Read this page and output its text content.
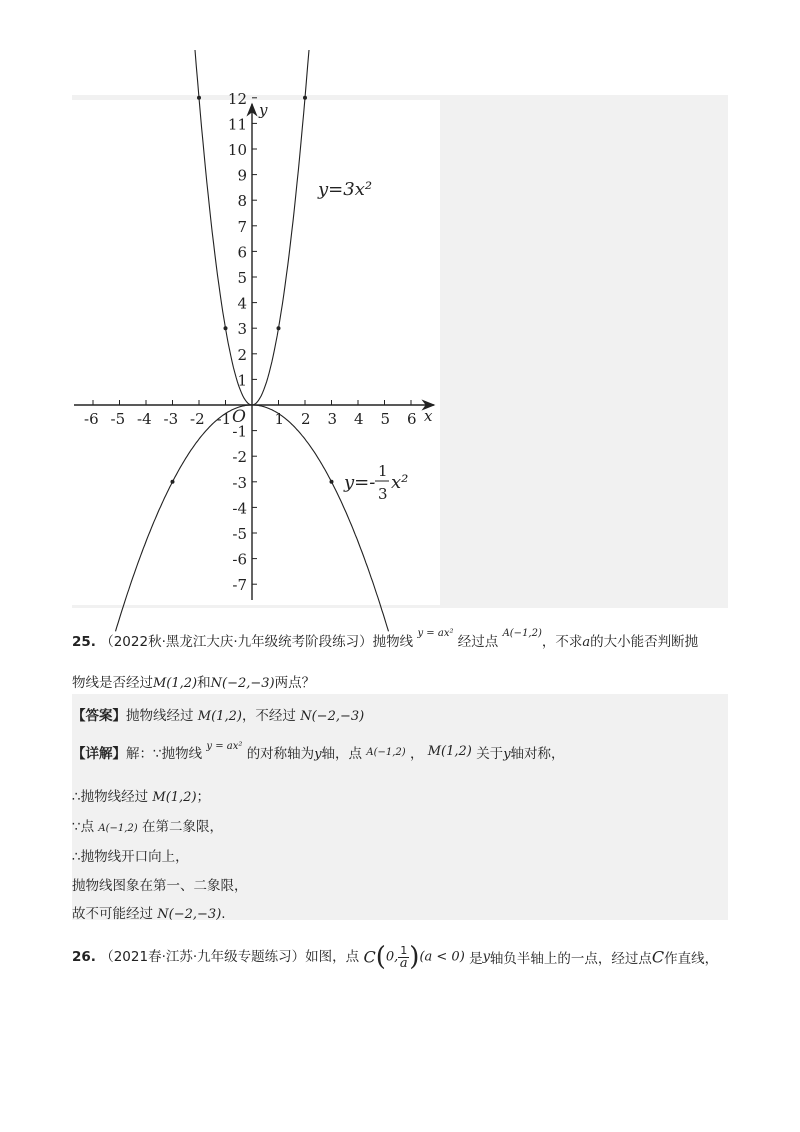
-6 -5 -4 -3 -2 -1	1 2 3 4 5 6
1
2
3
4
5
6
7
8
9
10
11
12
-1
-2
-3
-4
-5
-6
-7
x
y
O
y=3x²
y=-
1
3
x²
25. （2022秋·黑龙江大庆·九年级统考阶段练习）抛物线 $^{y = ax^2}$ 经过点 $^{A(-1,2)}$，不求a的大小能否判断抛
物线是否经过M(1,2)和N(−2,−3)两点？
【答案】抛物线经过 M(1,2)，不经过 N(−2,−3)
【详解】解：∵抛物线 $^{y = ax^2}$ 的对称轴为y轴，点 $^{A(-1,2)}$ ， M(1,2) 关于y轴对称，
∴抛物线经过 M(1,2)；
∵点 A(−1,2) 在第二象限，
∴抛物线开口向上，
抛物线图象在第一、二象限，
故不可能经过 N(−2,−3).
26. （2021春·江苏·九年级专题练习）如图，点 C(0, $\frac{1}{a} )(a < 0)$ 是y轴负半轴上的一点，经过点C作直线，
